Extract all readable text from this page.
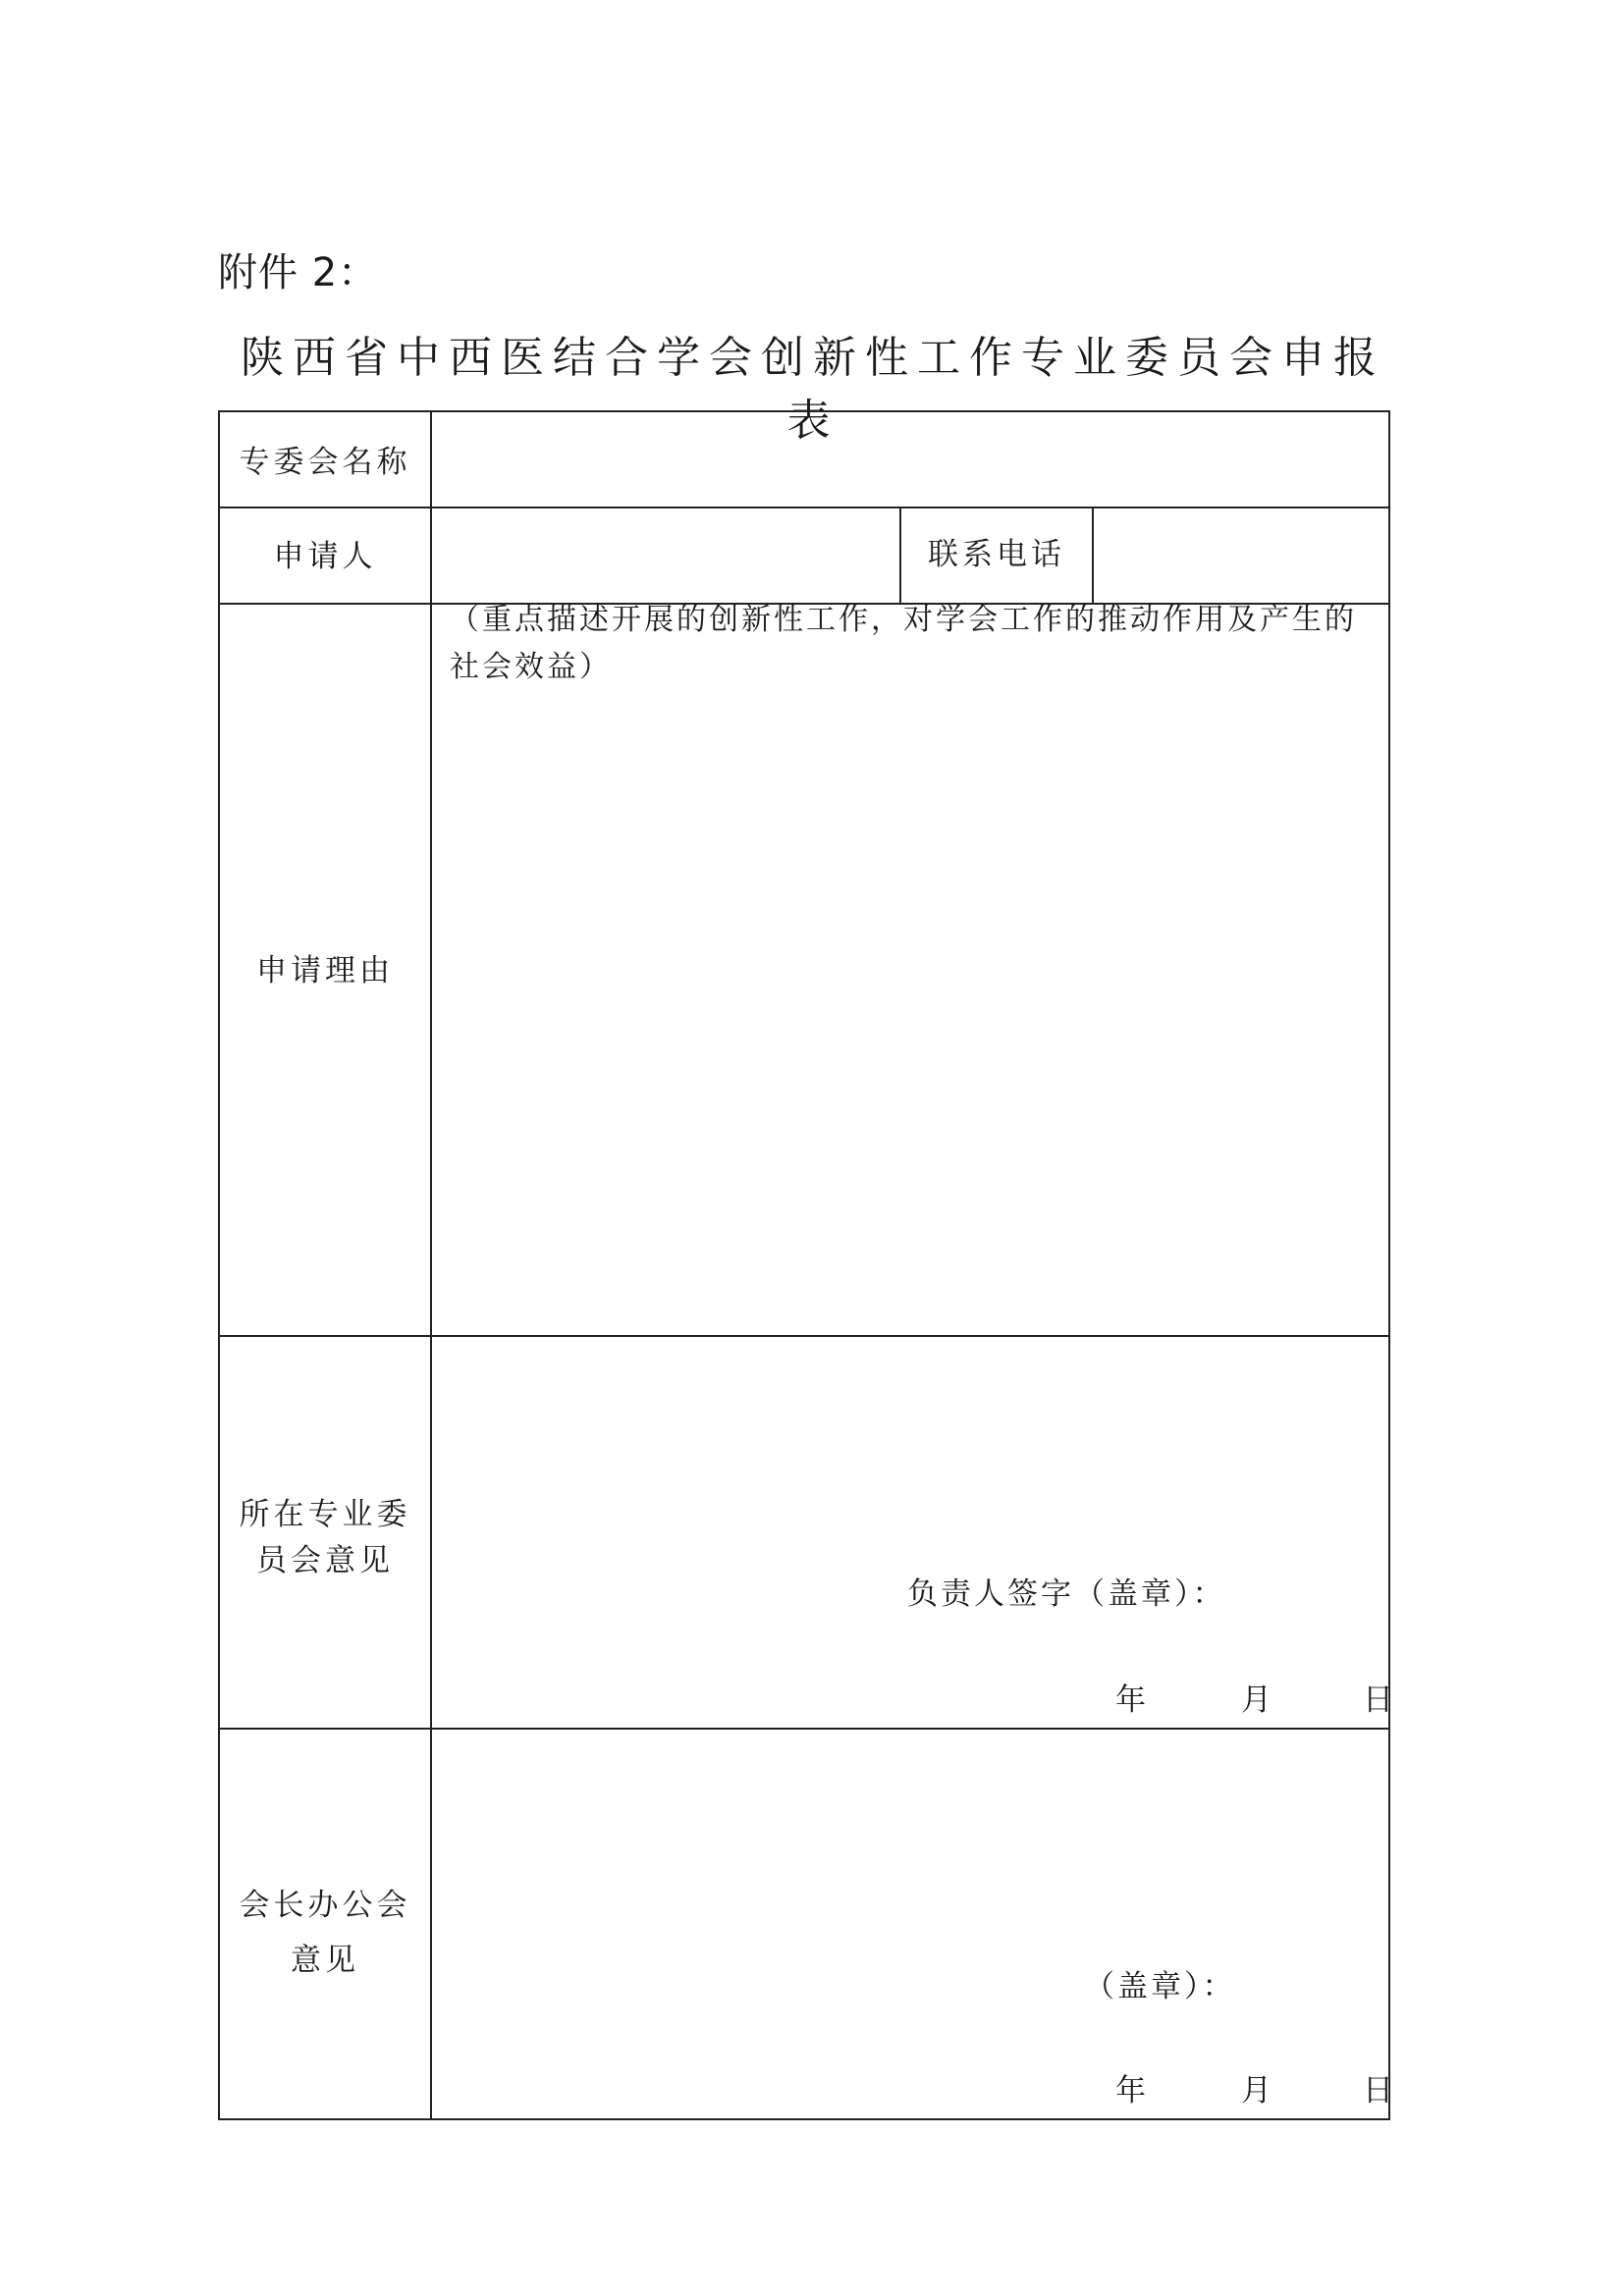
附件 2：
陕西省中西医结合学会创新性工作专业委员会申报表
专委会名称
申请人	联系电话
申请理由
（重点描述开展的创新性工作，对学会工作的推动作用及产生的社会效益）
所在专业委
员会意见
负责人签字（盖章）：
年	月	日
会长办公会
意见
（盖章）：
年	月	日
